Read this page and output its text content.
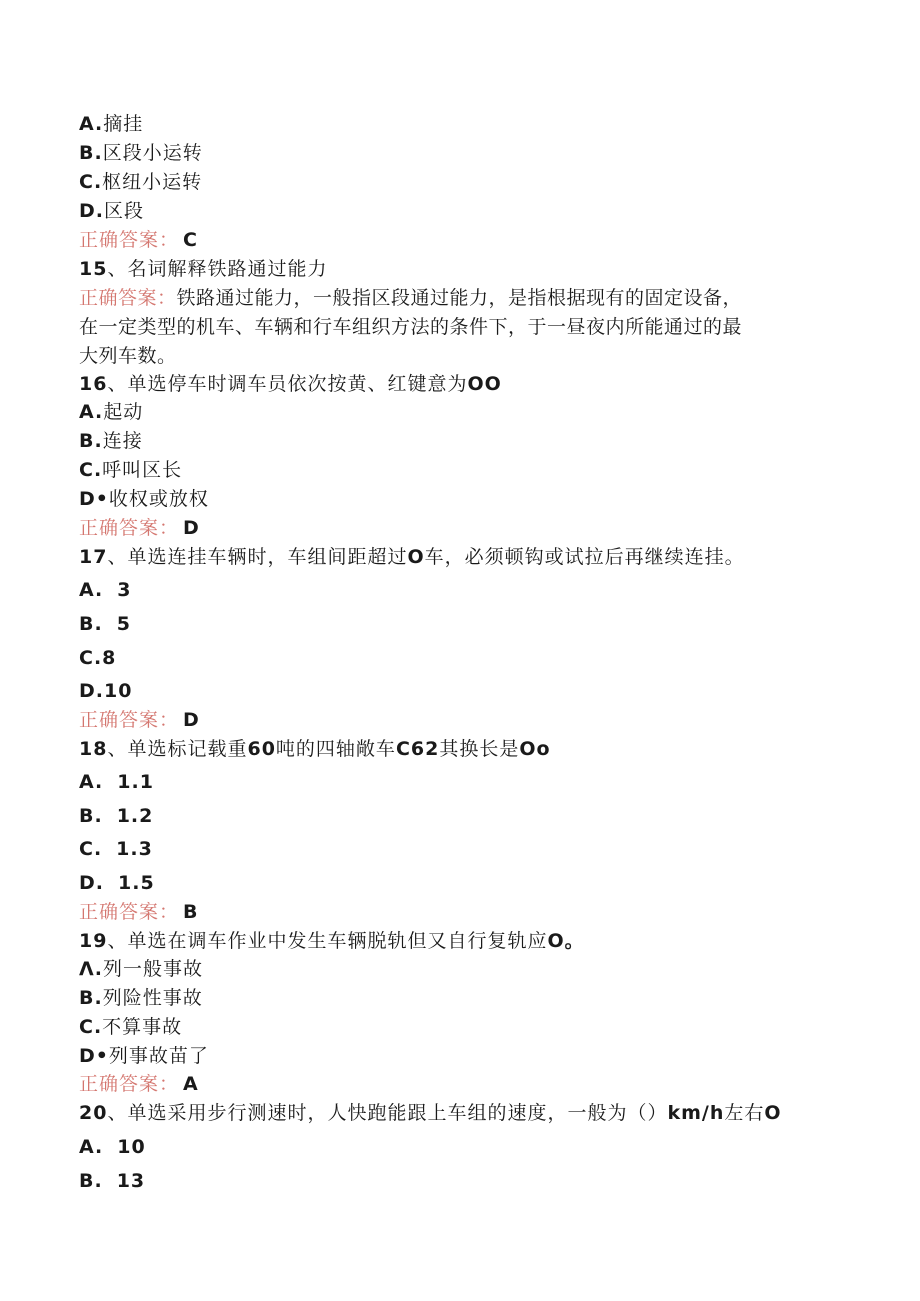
A.摘挂
B.区段小运转
C.枢纽小运转
D.区段
正确答案： C
15、名词解释铁路通过能力
正确答案：铁路通过能力，一般指区段通过能力，是指根据现有的固定设备，
在一定类型的机车、车辆和行车组织方法的条件下，于一昼夜内所能通过的最
大列车数。
16、单选停车时调车员依次按黄、红键意为OO
A.起动
B.连接
C.呼叫区长
D•收权或放权
正确答案： D
17、单选连挂车辆时，车组间距超过O车，必须顿钩或试拉后再继续连挂。
A. 3
B. 5
C.8
D.10
正确答案： D
18、单选标记载重60吨的四轴敞车C62其换长是Oo
A. 1.1
B. 1.2
C. 1.3
D. 1.5
正确答案： B
19、单选在调车作业中发生车辆脱轨但又自行复轨应O。
Λ.列一般事故
B.列险性事故
C.不算事故
D•列事故苗了
正确答案： A
20、单选采用步行测速时，人快跑能跟上车组的速度，一般为（）km/h左右O
A. 10
B. 13
